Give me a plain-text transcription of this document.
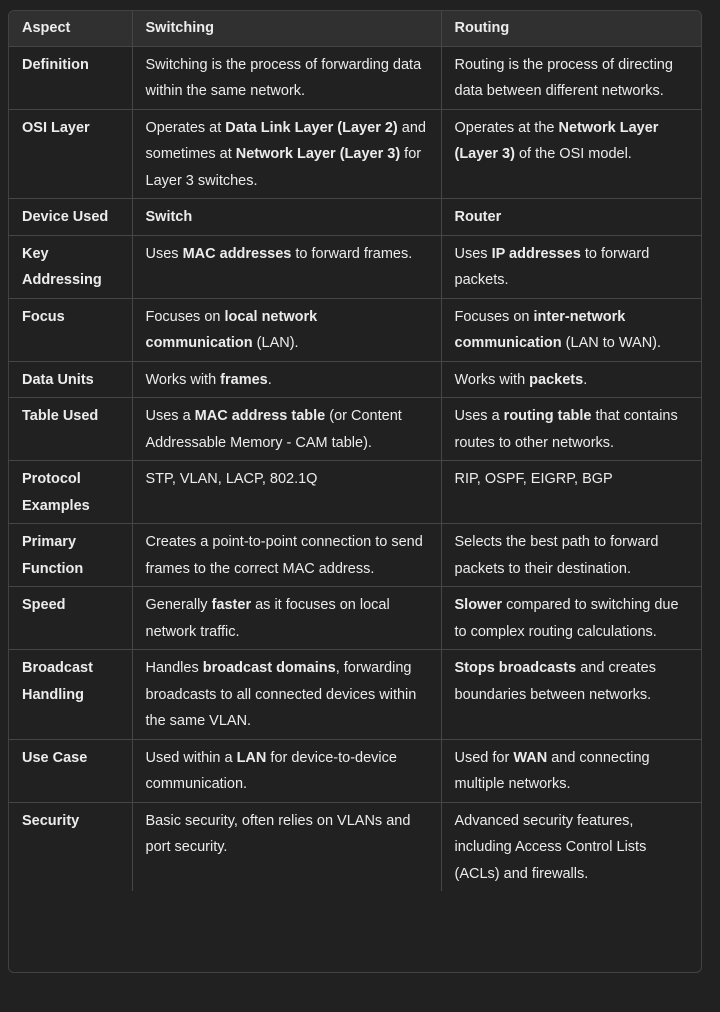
Aspect	Switching	Routing
Definition	Switching is the process of forwarding data within the same network.	Routing is the process of directing data between different networks.
OSI Layer	Operates at Data Link Layer (Layer 2) and sometimes at Network Layer (Layer 3) for Layer 3 switches.	Operates at the Network Layer (Layer 3) of the OSI model.
Device Used	Switch	Router
Key Addressing	Uses MAC addresses to forward frames.	Uses IP addresses to forward packets.
Focus	Focuses on local network communication (LAN).	Focuses on inter-network communication (LAN to WAN).
Data Units	Works with frames.	Works with packets.
Table Used	Uses a MAC address table (or Content Addressable Memory - CAM table).	Uses a routing table that contains routes to other networks.
Protocol Examples	STP, VLAN, LACP, 802.1Q	RIP, OSPF, EIGRP, BGP
Primary Function	Creates a point-to-point connection to send frames to the correct MAC address.	Selects the best path to forward packets to their destination.
Speed	Generally faster as it focuses on local network traffic.	Slower compared to switching due to complex routing calculations.
Broadcast Handling	Handles broadcast domains, forwarding broadcasts to all connected devices within the same VLAN.	Stops broadcasts and creates boundaries between networks.
Use Case	Used within a LAN for device-to-device communication.	Used for WAN and connecting multiple networks.
Security	Basic security, often relies on VLANs and port security.	Advanced security features, including Access Control Lists (ACLs) and firewalls.
